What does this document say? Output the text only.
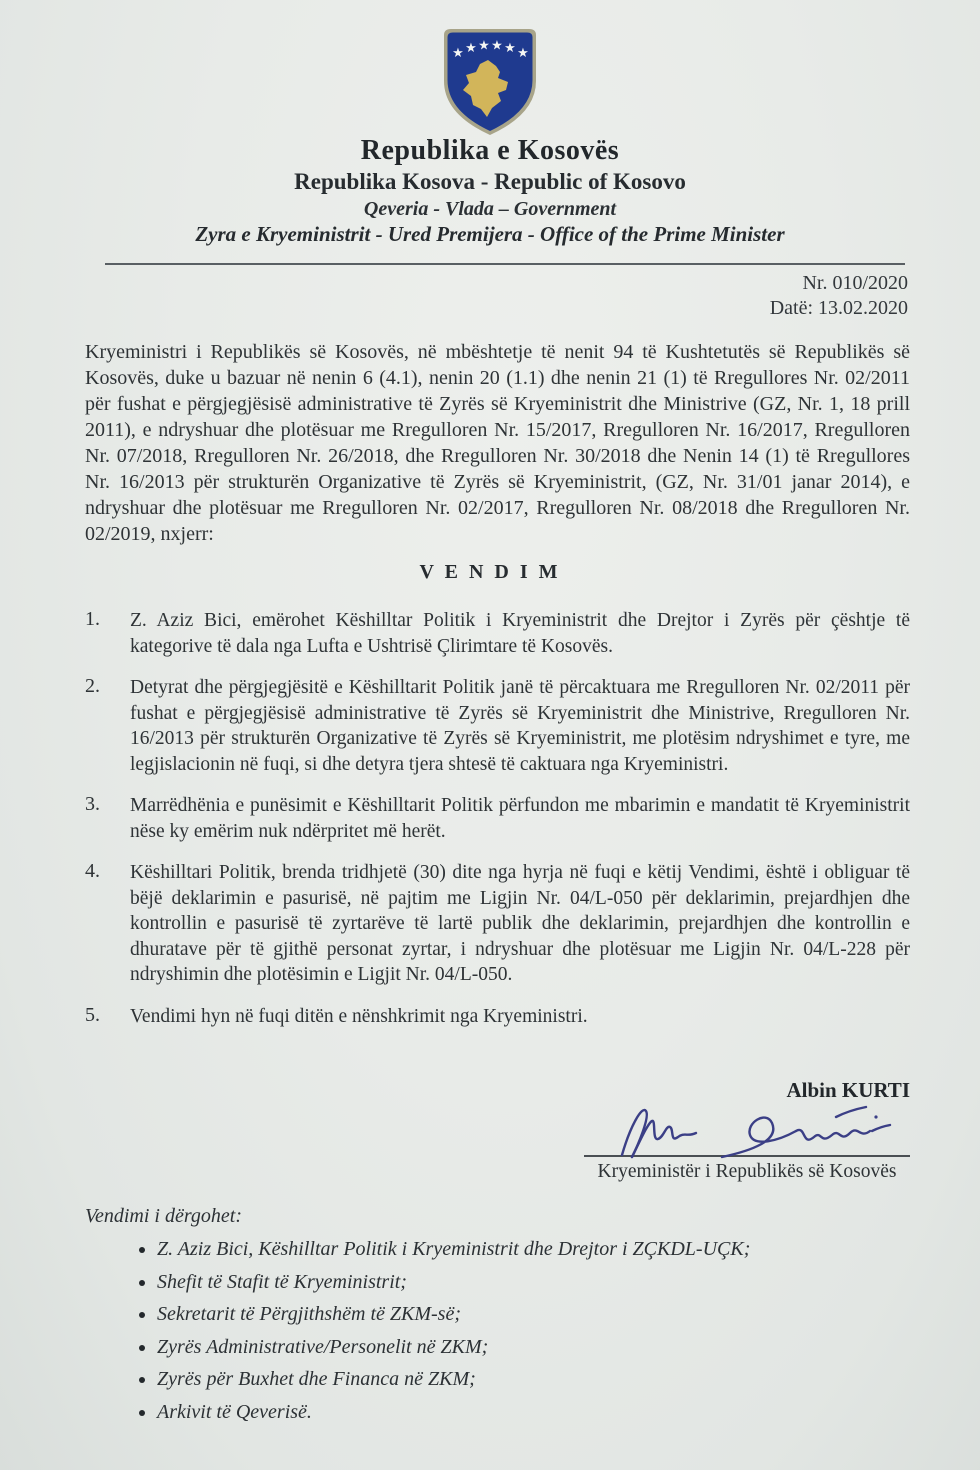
★ ★ ★ ★ ★ ★
Republika e Kosovës
Republika Kosova - Republic of Kosovo
Qeveria - Vlada – Government
Zyra e Kryeministrit - Ured Premijera - Office of the Prime Minister
Nr. 010/2020
Datë: 13.02.2020
Kryeministri i Republikës së Kosovës, në mbështetje të nenit 94 të Kushtetutës së Republikës së Kosovës, duke u bazuar në nenin 6 (4.1), nenin 20 (1.1) dhe nenin 21 (1) të Rregullores Nr. 02/2011 për fushat e përgjegjësisë administrative të Zyrës së Kryeministrit dhe Ministrive (GZ, Nr. 1, 18 prill 2011), e ndryshuar dhe plotësuar me Rregulloren Nr. 15/2017, Rregulloren Nr. 16/2017, Rregulloren Nr. 07/2018, Rregulloren Nr. 26/2018, dhe Rregulloren Nr. 30/2018 dhe Nenin 14 (1) të Rregullores Nr. 16/2013 për strukturën Organizative të Zyrës së Kryeministrit, (GZ, Nr. 31/01 janar 2014), e ndryshuar dhe plotësuar me Rregulloren Nr. 02/2017, Rregulloren Nr. 08/2018 dhe Rregulloren Nr. 02/2019, nxjerr:
V E N D I M
1.	Z. Aziz Bici, emërohet Këshilltar Politik i Kryeministrit dhe Drejtor i Zyrës për çështje të kategorive të dala nga Lufta e Ushtrisë Çlirimtare të Kosovës.
2.	Detyrat dhe përgjegjësitë e Këshilltarit Politik janë të përcaktuara me Rregulloren Nr. 02/2011 për fushat e përgjegjësisë administrative të Zyrës së Kryeministrit dhe Ministrive, Rregulloren Nr. 16/2013 për strukturën Organizative të Zyrës së Kryeministrit, me plotësim ndryshimet e tyre, me legjislacionin në fuqi, si dhe detyra tjera shtesë të caktuara nga Kryeministri.
3.	Marrëdhënia e punësimit e Këshilltarit Politik përfundon me mbarimin e mandatit të Kryeministrit nëse ky emërim nuk ndërpritet më herët.
4.	Këshilltari Politik, brenda tridhjetë (30) dite nga hyrja në fuqi e këtij Vendimi, është i obliguar të bëjë deklarimin e pasurisë, në pajtim me Ligjin Nr. 04/L-050 për deklarimin, prejardhjen dhe kontrollin e pasurisë të zyrtarëve të lartë publik dhe deklarimin, prejardhjen dhe kontrollin e dhuratave për të gjithë personat zyrtar, i ndryshuar dhe plotësuar me Ligjin Nr. 04/L-228 për ndryshimin dhe plotësimin e Ligjit Nr. 04/L-050.
5.	Vendimi hyn në fuqi ditën e nënshkrimit nga Kryeministri.
Albin KURTI
Kryeministër i Republikës së Kosovës
Vendimi i dërgohet:
• Z. Aziz Bici, Këshilltar Politik i Kryeministrit dhe Drejtor i ZÇKDL-UÇK;
• Shefit të Stafit të Kryeministrit;
• Sekretarit të Përgjithshëm të ZKM-së;
• Zyrës Administrative/Personelit në ZKM;
• Zyrës për Buxhet dhe Financa në ZKM;
• Arkivit të Qeverisë.
